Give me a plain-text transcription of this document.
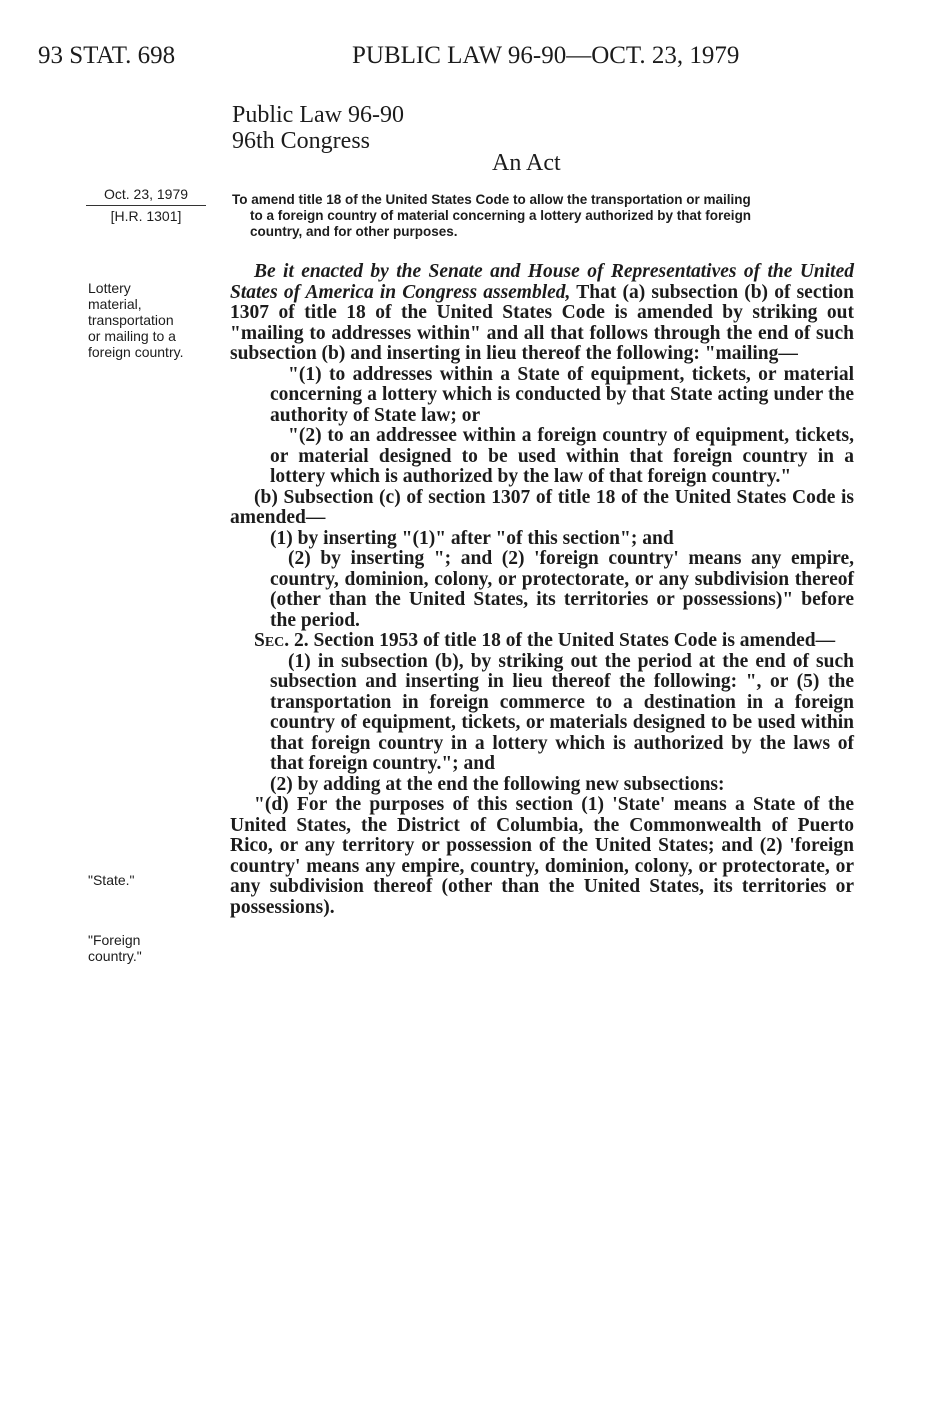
93 STAT. 698	PUBLIC LAW 96-90—OCT. 23, 1979
Public Law 96-90
96th Congress
An Act
Oct. 23, 1979
[H.R. 1301]
Lottery
material,
transportation
or mailing to a
foreign country.
"State."
"Foreign
country."
To amend title 18 of the United States Code to allow the transportation or mailing
to a foreign country of material concerning a lottery authorized by that foreign
country, and for other purposes.

Be it enacted by the Senate and House of Representatives of the United States of America in Congress assembled, That (a) subsection (b) of section 1307 of title 18 of the United States Code is amended by striking out "mailing to addresses within" and all that follows through the end of such subsection (b) and inserting in lieu thereof the following: "mailing—

"(1) to addresses within a State of equipment, tickets, or material concerning a lottery which is conducted by that State acting under the authority of State law; or

"(2) to an addressee within a foreign country of equipment, tickets, or material designed to be used within that foreign country in a lottery which is authorized by the law of that foreign country."

(b) Subsection (c) of section 1307 of title 18 of the United States Code is amended—

(1) by inserting "(1)" after "of this section"; and

(2) by inserting "; and (2) 'foreign country' means any empire, country, dominion, colony, or protectorate, or any subdivision thereof (other than the United States, its territories or possessions)" before the period.

Sec. 2. Section 1953 of title 18 of the United States Code is amended—

(1) in subsection (b), by striking out the period at the end of such subsection and inserting in lieu thereof the following: ", or (5) the transportation in foreign commerce to a destination in a foreign country of equipment, tickets, or materials designed to be used within that foreign country in a lottery which is authorized by the laws of that foreign country."; and

(2) by adding at the end the following new subsections:

"(d) For the purposes of this section (1) 'State' means a State of the United States, the District of Columbia, the Commonwealth of Puerto Rico, or any territory or possession of the United States; and (2) 'foreign country' means any empire, country, dominion, colony, or protectorate, or any subdivision thereof (other than the United States, its territories or possessions).
